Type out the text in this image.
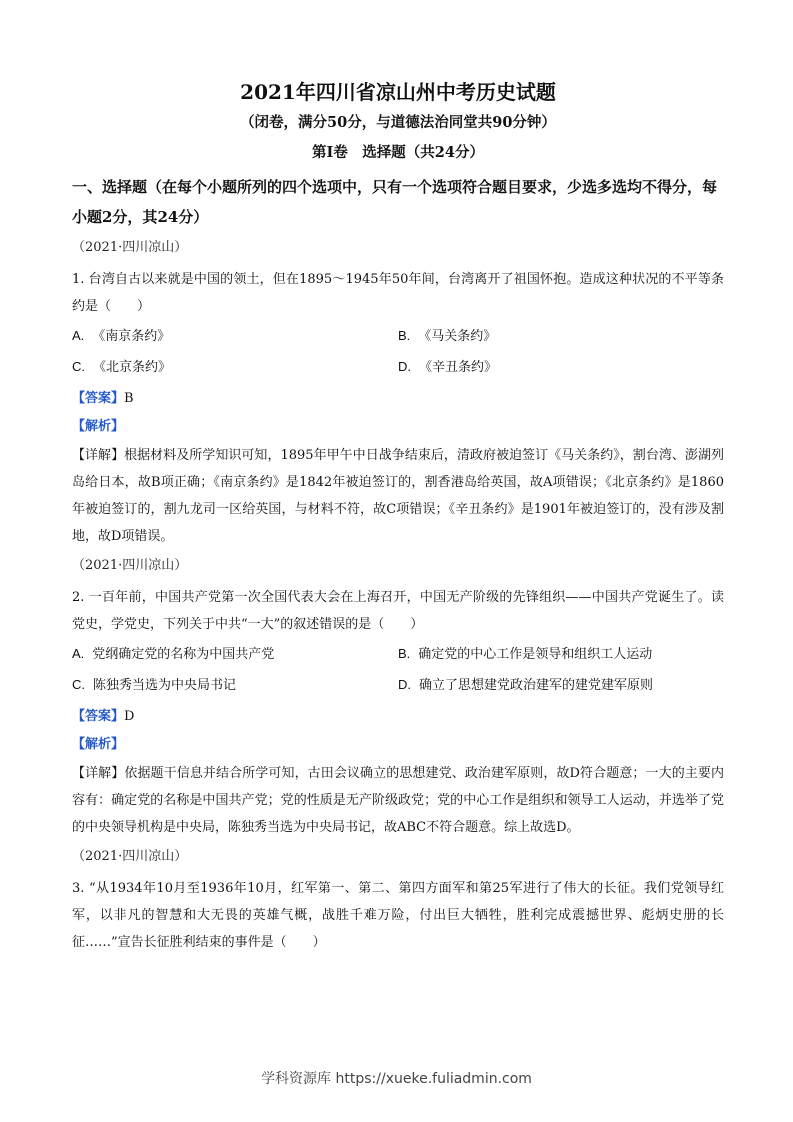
2021年四川省凉山州中考历史试题
（闭卷，满分50分，与道德法治同堂共90分钟）
第Ⅰ卷　选择题（共24分）
一、选择题（在每个小题所列的四个选项中，只有一个选项符合题目要求，少选多选均不得分，每小题2分，其24分）
（2021·四川凉山）
1. 台湾自古以来就是中国的领土，但在1895～1945年50年间，台湾离开了祖国怀抱。造成这种状况的不平等条约是（　　）
A. 《南京条约》	B. 《马关条约》
C. 《北京条约》	D. 《辛丑条约》
【答案】B
【解析】
【详解】根据材料及所学知识可知，1895年甲午中日战争结束后，清政府被迫签订《马关条约》，割台湾、澎湖列岛给日本，故B项正确；《南京条约》是1842年被迫签订的，割香港岛给英国，故A项错误；《北京条约》是1860年被迫签订的，割九龙司一区给英国，与材料不符，故C项错误；《辛丑条约》是1901年被迫签订的，没有涉及割地，故D项错误。
（2021·四川凉山）
2. 一百年前，中国共产党第一次全国代表大会在上海召开，中国无产阶级的先锋组织——中国共产党诞生了。读党史，学党史，下列关于中共“一大”的叙述错误的是（　　）
A. 党纲确定党的名称为中国共产党	B. 确定党的中心工作是领导和组织工人运动
C. 陈独秀当选为中央局书记	D. 确立了思想建党政治建军的建党建军原则
【答案】D
【解析】
【详解】依据题干信息并结合所学可知，古田会议确立的思想建党、政治建军原则，故D符合题意；一大的主要内容有：确定党的名称是中国共产党；党的性质是无产阶级政党；党的中心工作是组织和领导工人运动，并选举了党的中央领导机构是中央局，陈独秀当选为中央局书记，故ABC不符合题意。综上故选D。
（2021·四川凉山）
3. “从1934年10月至1936年10月，红军第一、第二、第四方面军和第25军进行了伟大的长征。我们党领导红军，以非凡的智慧和大无畏的英雄气概，战胜千难万险，付出巨大牺牲，胜利完成震撼世界、彪炳史册的长征……”宣告长征胜利结束的事件是（　　）
学科资源库 https://xueke.fuliadmin.com
